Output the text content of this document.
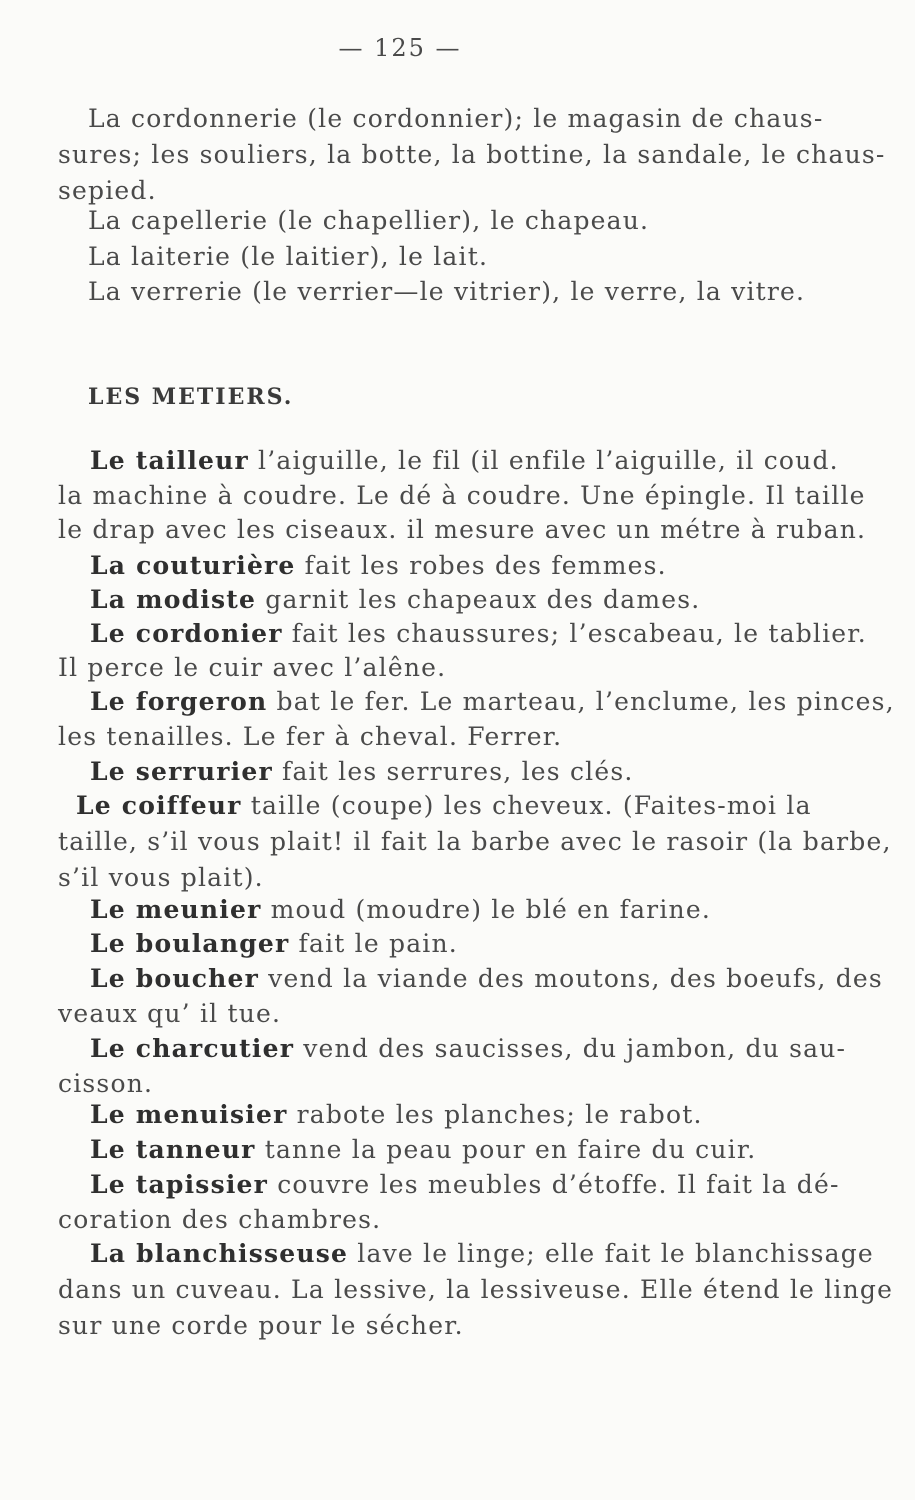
— 125 —
La cordonnerie (le cordonnier); le magasin de chaus-
sures; les souliers, la botte, la bottine, la sandale, le chaus-
sepied.
La capellerie (le chapellier), le chapeau.
La laiterie (le laitier), le lait.
La verrerie (le verrier—le vitrier), le verre, la vitre.
LES METIERS.
Le tailleur l’aiguille, le fil (il enfile l’aiguille, il coud.
la machine à coudre. Le dé à coudre. Une épingle. Il taille
le drap avec les ciseaux. il mesure avec un métre à ruban.
La couturière fait les robes des femmes.
La modiste garnit les chapeaux des dames.
Le cordonier fait les chaussures; l’escabeau, le tablier.
Il perce le cuir avec l’alêne.
Le forgeron bat le fer. Le marteau, l’enclume, les pinces,
les tenailles. Le fer à cheval. Ferrer.
Le serrurier fait les serrures, les clés.
Le coiffeur taille (coupe) les cheveux. (Faites-moi la
taille, s’il vous plait! il fait la barbe avec le rasoir (la barbe,
s’il vous plait).
Le meunier moud (moudre) le blé en farine.
Le boulanger fait le pain.
Le boucher vend la viande des moutons, des boeufs, des
veaux qu’ il tue.
Le charcutier vend des saucisses, du jambon, du sau-
cisson.
Le menuisier rabote les planches; le rabot.
Le tanneur tanne la peau pour en faire du cuir.
Le tapissier couvre les meubles d’étoffe. Il fait la dé-
coration des chambres.
La blanchisseuse lave le linge; elle fait le blanchissage
dans un cuveau. La lessive, la lessiveuse. Elle étend le linge
sur une corde pour le sécher.
